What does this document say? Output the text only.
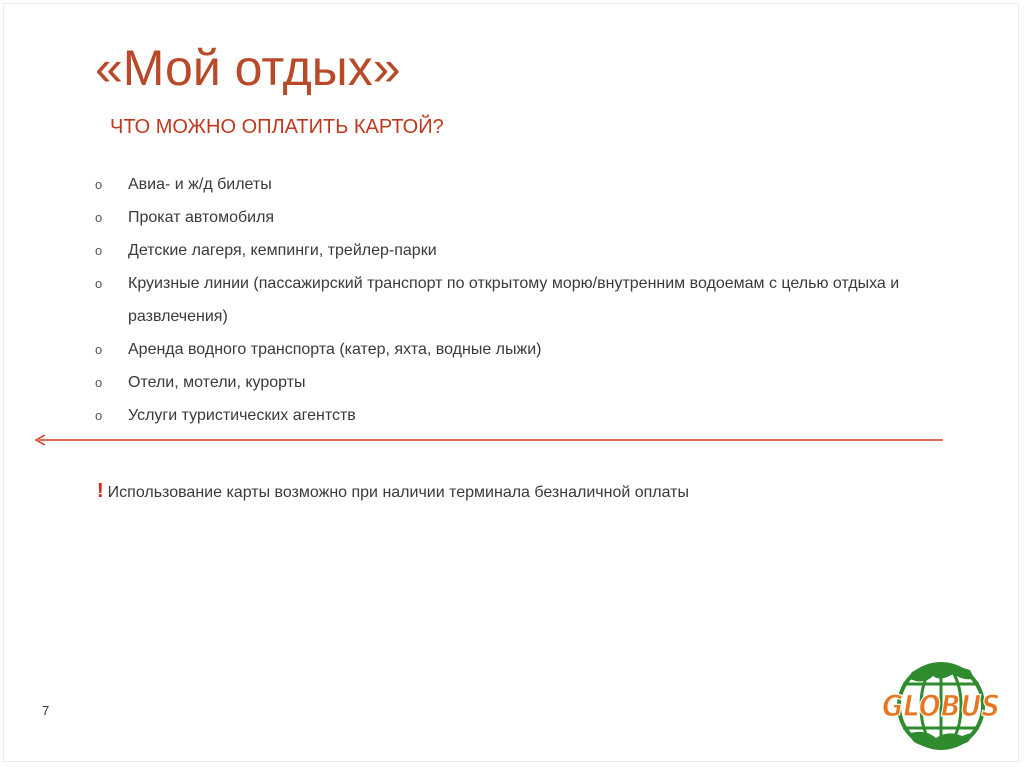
«Мой отдых»
ЧТО МОЖНО ОПЛАТИТЬ КАРТОЙ?
o Авиа- и ж/д билеты
o Прокат автомобиля
o Детские лагеря, кемпинги, трейлер-парки
o Круизные линии (пассажирский транспорт по открытому морю/внутренним водоемам с целью отдыха и развлечения)
o Аренда водного транспорта (катер, яхта, водные лыжи)
o Отели, мотели, курорты
o Услуги туристических агентств
! Использование карты возможно при наличии терминала безналичной оплаты
7	GLOBUS
